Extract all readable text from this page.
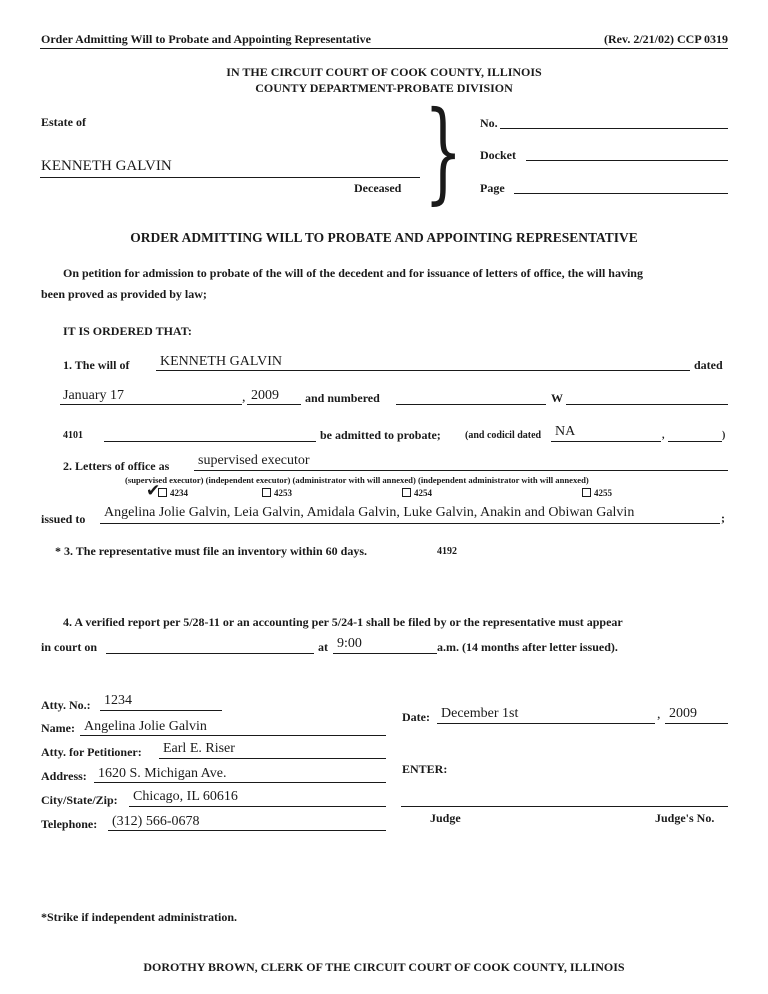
Order Admitting Will to Probate and Appointing Representative	(Rev. 2/21/02) CCP 0319
IN THE CIRCUIT COURT OF COOK COUNTY, ILLINOIS
COUNTY DEPARTMENT-PROBATE DIVISION
Estate of
KENNETH GALVIN
Deceased } No.
Docket
Page
ORDER ADMITTING WILL TO PROBATE AND APPOINTING REPRESENTATIVE
On petition for admission to probate of the will of the decedent and for issuance of letters of office, the will having
been proved as provided by law;
IT IS ORDERED THAT:
1. The will of KENNETH GALVIN	dated
January 17	, 2009 and numbered	W
4101	be admitted to probate; (and codicil dated NA	,	)
2. Letters of office as supervised executor
(supervised executor) (independent executor) (administrator with will annexed) (independent administrator with will annexed)
✔	4234	4253	4254	4255
issued to Angelina Jolie Galvin, Leia Galvin, Amidala Galvin, Luke Galvin, Anakin and Obiwan Galvin	;
* 3. The representative must file an inventory within 60 days.	4192
4. A verified report per 5/28-11 or an accounting per 5/24-1 shall be filed by or the representative must appear
in court on	at 9:00	a.m. (14 months after letter issued).
Atty. No.: 1234
Name: Angelina Jolie Galvin
Atty. for Petitioner: Earl E. Riser
Address: 1620 S. Michigan Ave.
City/State/Zip: Chicago, IL 60616
Telephone: (312) 566-0678
Date: December 1st	, 2009
ENTER:
Judge	Judge's No.
*Strike if independent administration.
DOROTHY BROWN, CLERK OF THE CIRCUIT COURT OF COOK COUNTY, ILLINOIS
